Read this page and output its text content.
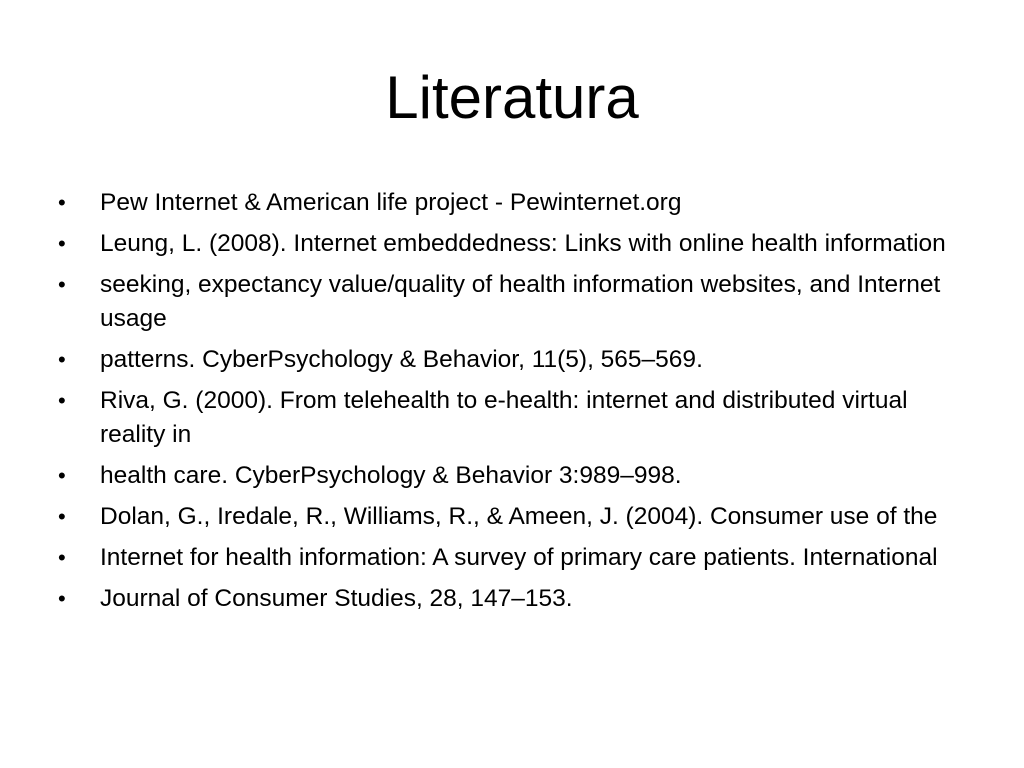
Literatura
• Pew Internet & American life project - Pewinternet.org
• Leung, L. (2008). Internet embeddedness: Links with online health information
• seeking, expectancy value/quality of health information websites, and Internet usage
• patterns. CyberPsychology & Behavior, 11(5), 565–569.
• Riva, G. (2000). From telehealth to e-health: internet and distributed virtual reality in
• health care. CyberPsychology & Behavior 3:989–998.
• Dolan, G., Iredale, R., Williams, R., & Ameen, J. (2004). Consumer use of the
• Internet for health information: A survey of primary care patients. International
• Journal of Consumer Studies, 28, 147–153.
